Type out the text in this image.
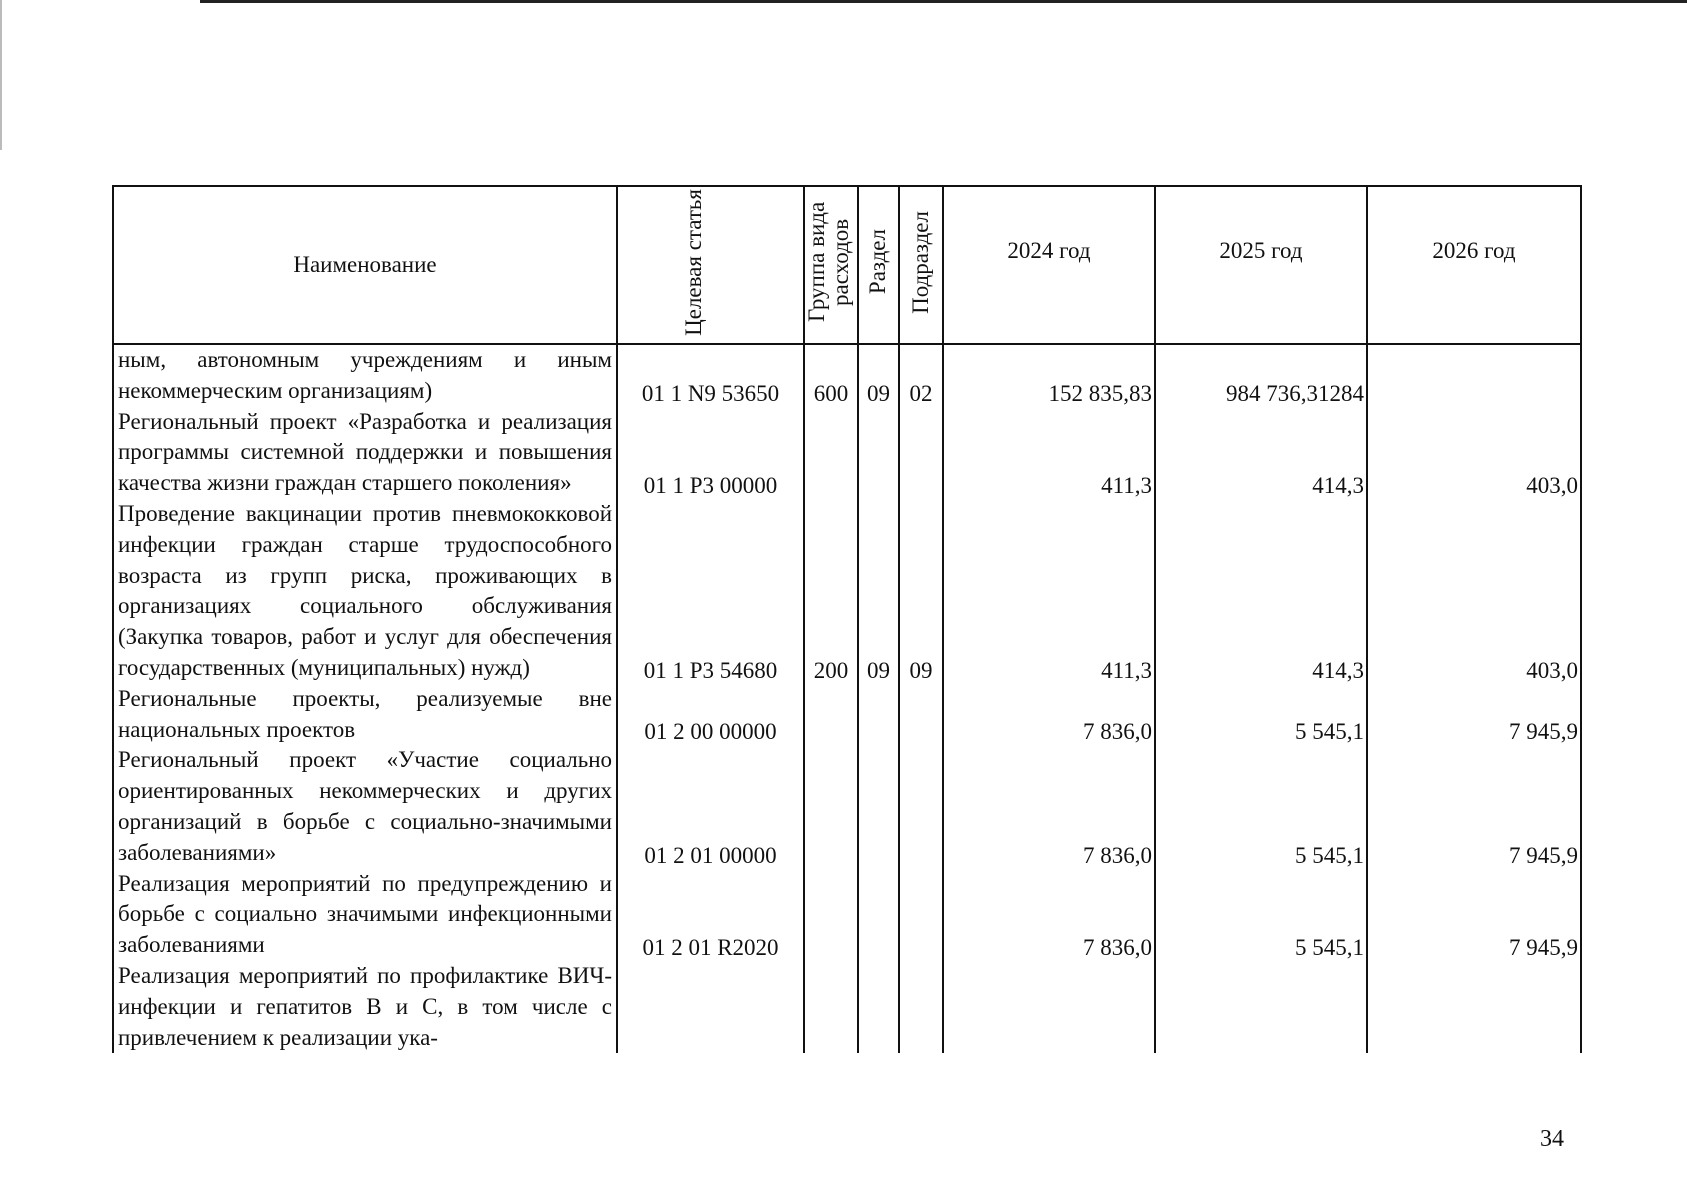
Наименование	Целевая статья	Группа вида расходов	Раздел	Подраздел	2024 год	2025 год	2026 год

ным, автономным учреждениям и иным некоммерческим организациям)	01 1 N9 53650	600	09	02	152 835,83	984 736,31284	
Региональный проект «Разработка и реализация программы системной поддержки и повышения качества жизни граждан старшего поколения»	01 1 P3 00000				411,3	414,3	403,0
Проведение вакцинации против пневмококковой инфекции граждан старше трудоспособного возраста из групп риска, проживающих в организациях социального обслуживания (Закупка товаров, работ и услуг для обеспечения государственных (муниципальных) нужд)	01 1 P3 54680	200	09	09	411,3	414,3	403,0
Региональные проекты, реализуемые вне национальных проектов	01 2 00 00000				7 836,0	5 545,1	7 945,9
Региональный проект «Участие социально ориентированных некоммерческих и других организаций в борьбе с социально-значимыми заболеваниями»	01 2 01 00000				7 836,0	5 545,1	7 945,9
Реализация мероприятий по предупреждению и борьбе с социально значимыми инфекционными заболеваниями	01 2 01 R2020				7 836,0	5 545,1	7 945,9
Реализация мероприятий по профилактике ВИЧ-инфекции и гепатитов В и С, в том числе с привлечением к реализации ука-							
34
